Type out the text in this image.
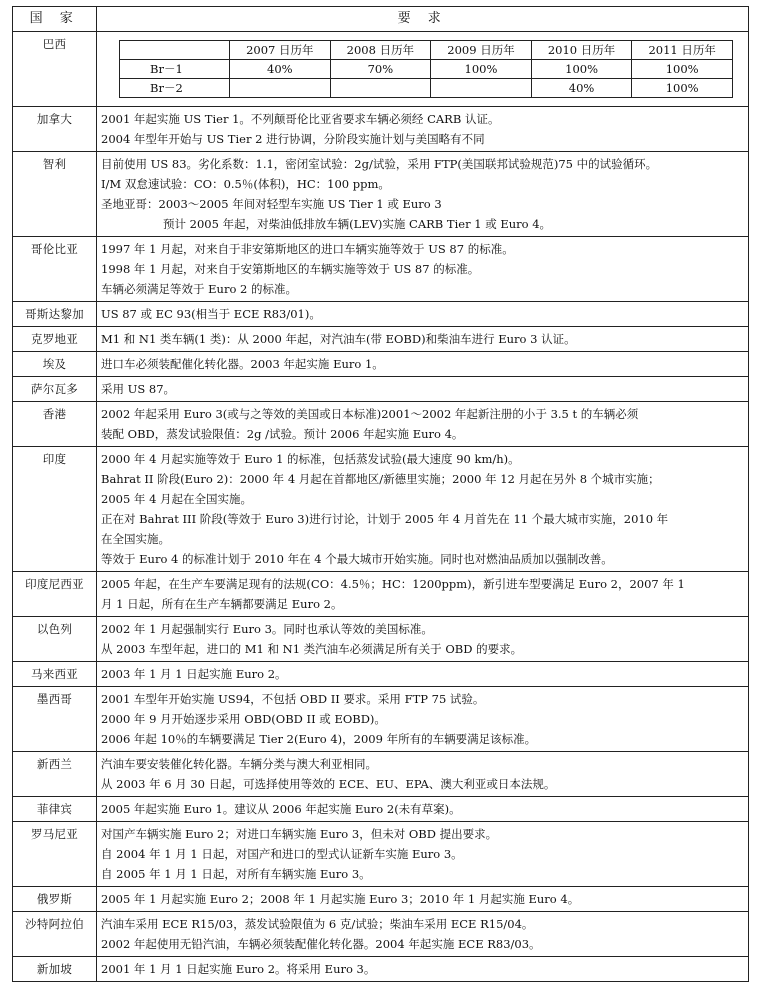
国 家	要 求
巴西	
		2007 日历年	2008 日历年	2009 日历年	2010 日历年	2011 日历年
Br－1	40%	70%	100%	100%	100%
Br－2				40%	100%

加拿大	2001 年起实施 US Tier 1。不列颠哥伦比亚省要求车辆必须经 CARB 认证。
2004 年型年开始与 US Tier 2 进行协调，分阶段实施计划与美国略有不同

智利	目前使用 US 83。劣化系数：1.1，密闭室试验：2g/试验，采用 FTP(美国联邦试验规范)75 中的试验循环。
I/M 双怠速试验：CO：0.5％(体积)，HC：100 ppm。
圣地亚哥：2003～2005 年间对轻型车实施 US Tier 1 或 Euro 3
预计 2005 年起，对柴油低排放车辆(LEV)实施 CARB Tier 1 或 Euro 4。

哥伦比亚	1997 年 1 月起，对来自于非安第斯地区的进口车辆实施等效于 US 87 的标准。
1998 年 1 月起，对来自于安第斯地区的车辆实施等效于 US 87 的标准。
车辆必须满足等效于 Euro 2 的标准。

哥斯达黎加	US 87 或 EC 93(相当于 ECE R83/01)。

克罗地亚	M1 和 N1 类车辆(1 类)：从 2000 年起，对汽油车(带 EOBD)和柴油车进行 Euro 3 认证。

埃及	进口车必须装配催化转化器。2003 年起实施 Euro 1。

萨尔瓦多	采用 US 87。

香港	2002 年起采用 Euro 3(或与之等效的美国或日本标准)2001～2002 年起新注册的小于 3.5 t 的车辆必须
装配 OBD，蒸发试验限值：2g /试验。预计 2006 年起实施 Euro 4。

印度	2000 年 4 月起实施等效于 Euro 1 的标准，包括蒸发试验(最大速度 90 km/h)。
Bahrat II 阶段(Euro 2)：2000 年 4 月起在首都地区/新德里实施；2000 年 12 月起在另外 8 个城市实施；
2005 年 4 月起在全国实施。
正在对 Bahrat III 阶段(等效于 Euro 3)进行讨论，计划于 2005 年 4 月首先在 11 个最大城市实施，2010 年
在全国实施。
等效于 Euro 4 的标准计划于 2010 年在 4 个最大城市开始实施。同时也对燃油品质加以强制改善。

印度尼西亚	2005 年起，在生产车要满足现有的法规(CO：4.5％；HC：1200ppm)，新引进车型要满足 Euro 2，2007 年 1
月 1 日起，所有在生产车辆都要满足 Euro 2。

以色列	2002 年 1 月起强制实行 Euro 3。同时也承认等效的美国标准。
从 2003 车型年起，进口的 M1 和 N1 类汽油车必须满足所有关于 OBD 的要求。

马来西亚	2003 年 1 月 1 日起实施 Euro 2。

墨西哥	2001 车型年开始实施 US94，不包括 OBD II 要求。采用 FTP 75 试验。
2000 年 9 月开始逐步采用 OBD(OBD II 或 EOBD)。
2006 年起 10％的车辆要满足 Tier 2(Euro 4)，2009 年所有的车辆要满足该标准。

新西兰	汽油车要安装催化转化器。车辆分类与澳大利亚相同。
从 2003 年 6 月 30 日起，可选择使用等效的 ECE、EU、EPA、澳大利亚或日本法规。

菲律宾	2005 年起实施 Euro 1。建议从 2006 年起实施 Euro 2(未有草案)。

罗马尼亚	对国产车辆实施 Euro 2；对进口车辆实施 Euro 3，但未对 OBD 提出要求。
自 2004 年 1 月 1 日起，对国产和进口的型式认证新车实施 Euro 3。
自 2005 年 1 月 1 日起，对所有车辆实施 Euro 3。

俄罗斯	2005 年 1 月起实施 Euro 2；2008 年 1 月起实施 Euro 3；2010 年 1 月起实施 Euro 4。

沙特阿拉伯	汽油车采用 ECE R15/03，蒸发试验限值为 6 克/试验；柴油车采用 ECE R15/04。
2002 年起使用无铅汽油，车辆必须装配催化转化器。2004 年起实施 ECE R83/03。

新加坡	2001 年 1 月 1 日起实施 Euro 2。将采用 Euro 3。
